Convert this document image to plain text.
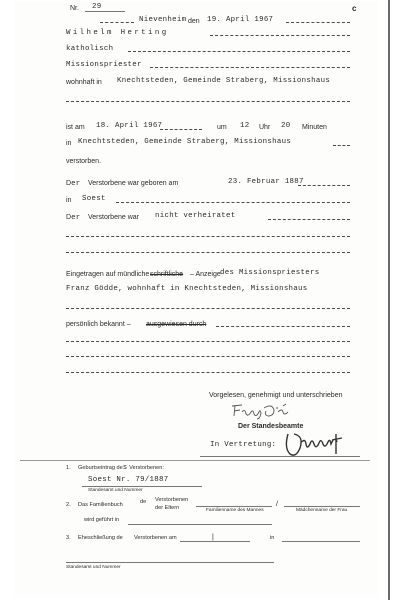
Nr. 29	c
Nievenheim den 19. April 1967
Wilhelm Herting
katholisch
Missionspriester
wohnhaft in Knechtsteden, Gemeinde Straberg, Missionshaus
ist am 18. April 1967	um 12 Uhr 20 Minuten
in Knechtsteden, Gemeinde Straberg, Missionshaus
verstorben.
Der Verstorbene war geboren am	23. Februar 1887
in Soest
Der Verstorbene war nicht verheiratet
Eingetragen auf mündliche schriftliche – Anzeige des Missionspriesters
Franz Gödde, wohnhaft in Knechtsteden, Missionshaus
persönlich bekannt – ausgewiesen durch
Vorgelesen, genehmigt und unterschrieben
Der Standesbeamte
In Vertretung:
1. Geburtseintrag des Verstorbenen:
Soest Nr. 79/1887
Standesamt und Nummer
2. Das Familienbuch	de Verstorbenen
der Eltern	/
Familienname des Mannes	Mädchenname der Frau
wird geführt in
3. Eheschließung de Verstorbenen am	|	in
Standesamt und Nummer
